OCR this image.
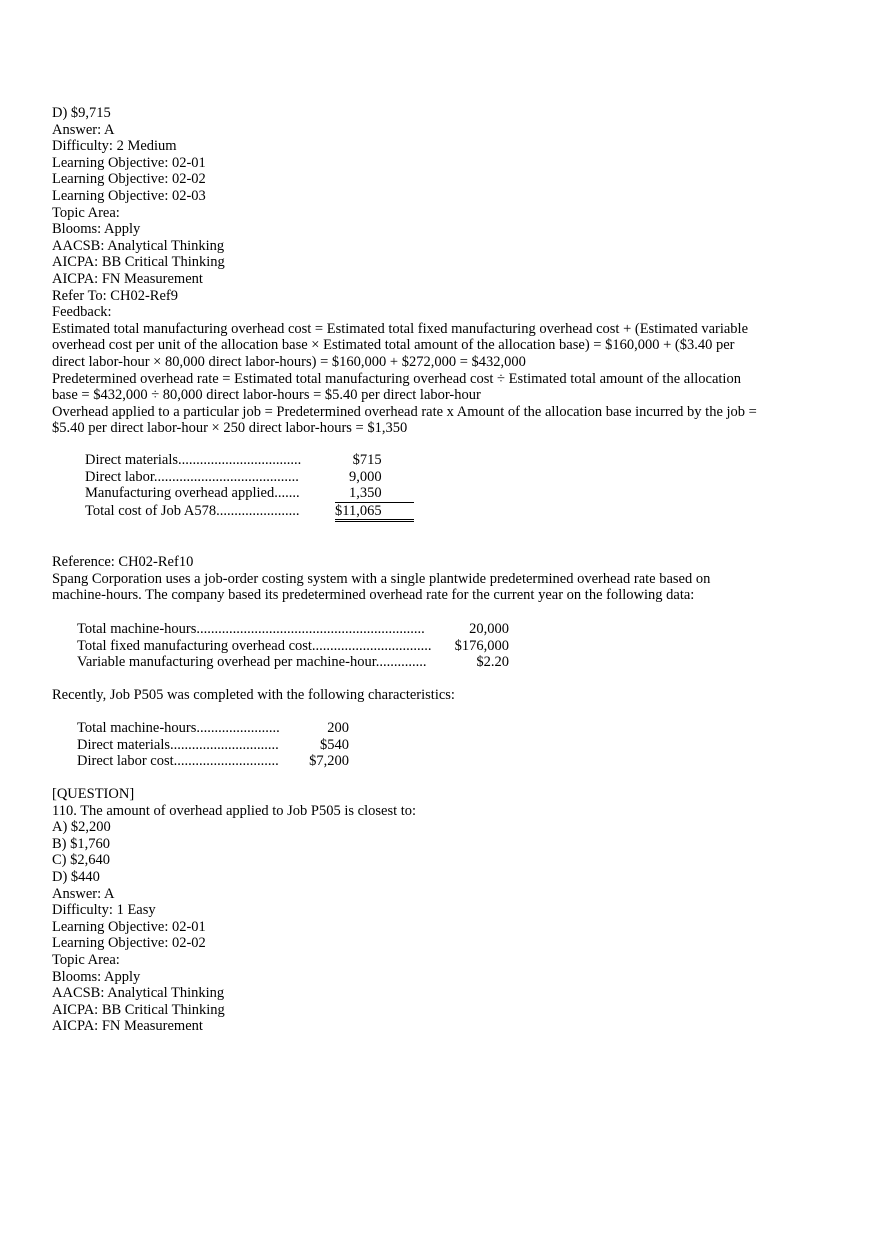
D) $9,715
Answer: A
Difficulty: 2 Medium
Learning Objective: 02-01
Learning Objective: 02-02
Learning Objective: 02-03
Topic Area:
Blooms: Apply
AACSB: Analytical Thinking
AICPA: BB Critical Thinking
AICPA: FN Measurement
Refer To: CH02-Ref9
Feedback:
Estimated total manufacturing overhead cost = Estimated total fixed manufacturing overhead cost + (Estimated variable
overhead cost per unit of the allocation base × Estimated total amount of the allocation base) = $160,000 + ($3.40 per
direct labor-hour × 80,000 direct labor-hours) = $160,000 + $272,000 = $432,000
Predetermined overhead rate = Estimated total manufacturing overhead cost ÷ Estimated total amount of the allocation
base = $432,000 ÷ 80,000 direct labor-hours = $5.40 per direct labor-hour
Overhead applied to a particular job = Predetermined overhead rate x Amount of the allocation base incurred by the job =
$5.40 per direct labor-hour × 250 direct labor-hours = $1,350
Direct materials..................................	$715	
Direct labor........................................	9,000	
Manufacturing overhead applied.......	1,350	
Total cost of Job A578.......................	$11,065	
Reference: CH02-Ref10
Spang Corporation uses a job-order costing system with a single plantwide predetermined overhead rate based on
machine-hours. The company based its predetermined overhead rate for the current year on the following data:
Total machine-hours...............................................................	20,000
Total fixed manufacturing overhead cost.................................	$176,000
Variable manufacturing overhead per machine-hour..............	$2.20
Recently, Job P505 was completed with the following characteristics:
Total machine-hours.......................	200
Direct materials..............................	$540
Direct labor cost.............................	$7,200
[QUESTION]
110. The amount of overhead applied to Job P505 is closest to:
A) $2,200
B) $1,760
C) $2,640
D) $440
Answer: A
Difficulty: 1 Easy
Learning Objective: 02-01
Learning Objective: 02-02
Topic Area:
Blooms: Apply
AACSB: Analytical Thinking
AICPA: BB Critical Thinking
AICPA: FN Measurement
